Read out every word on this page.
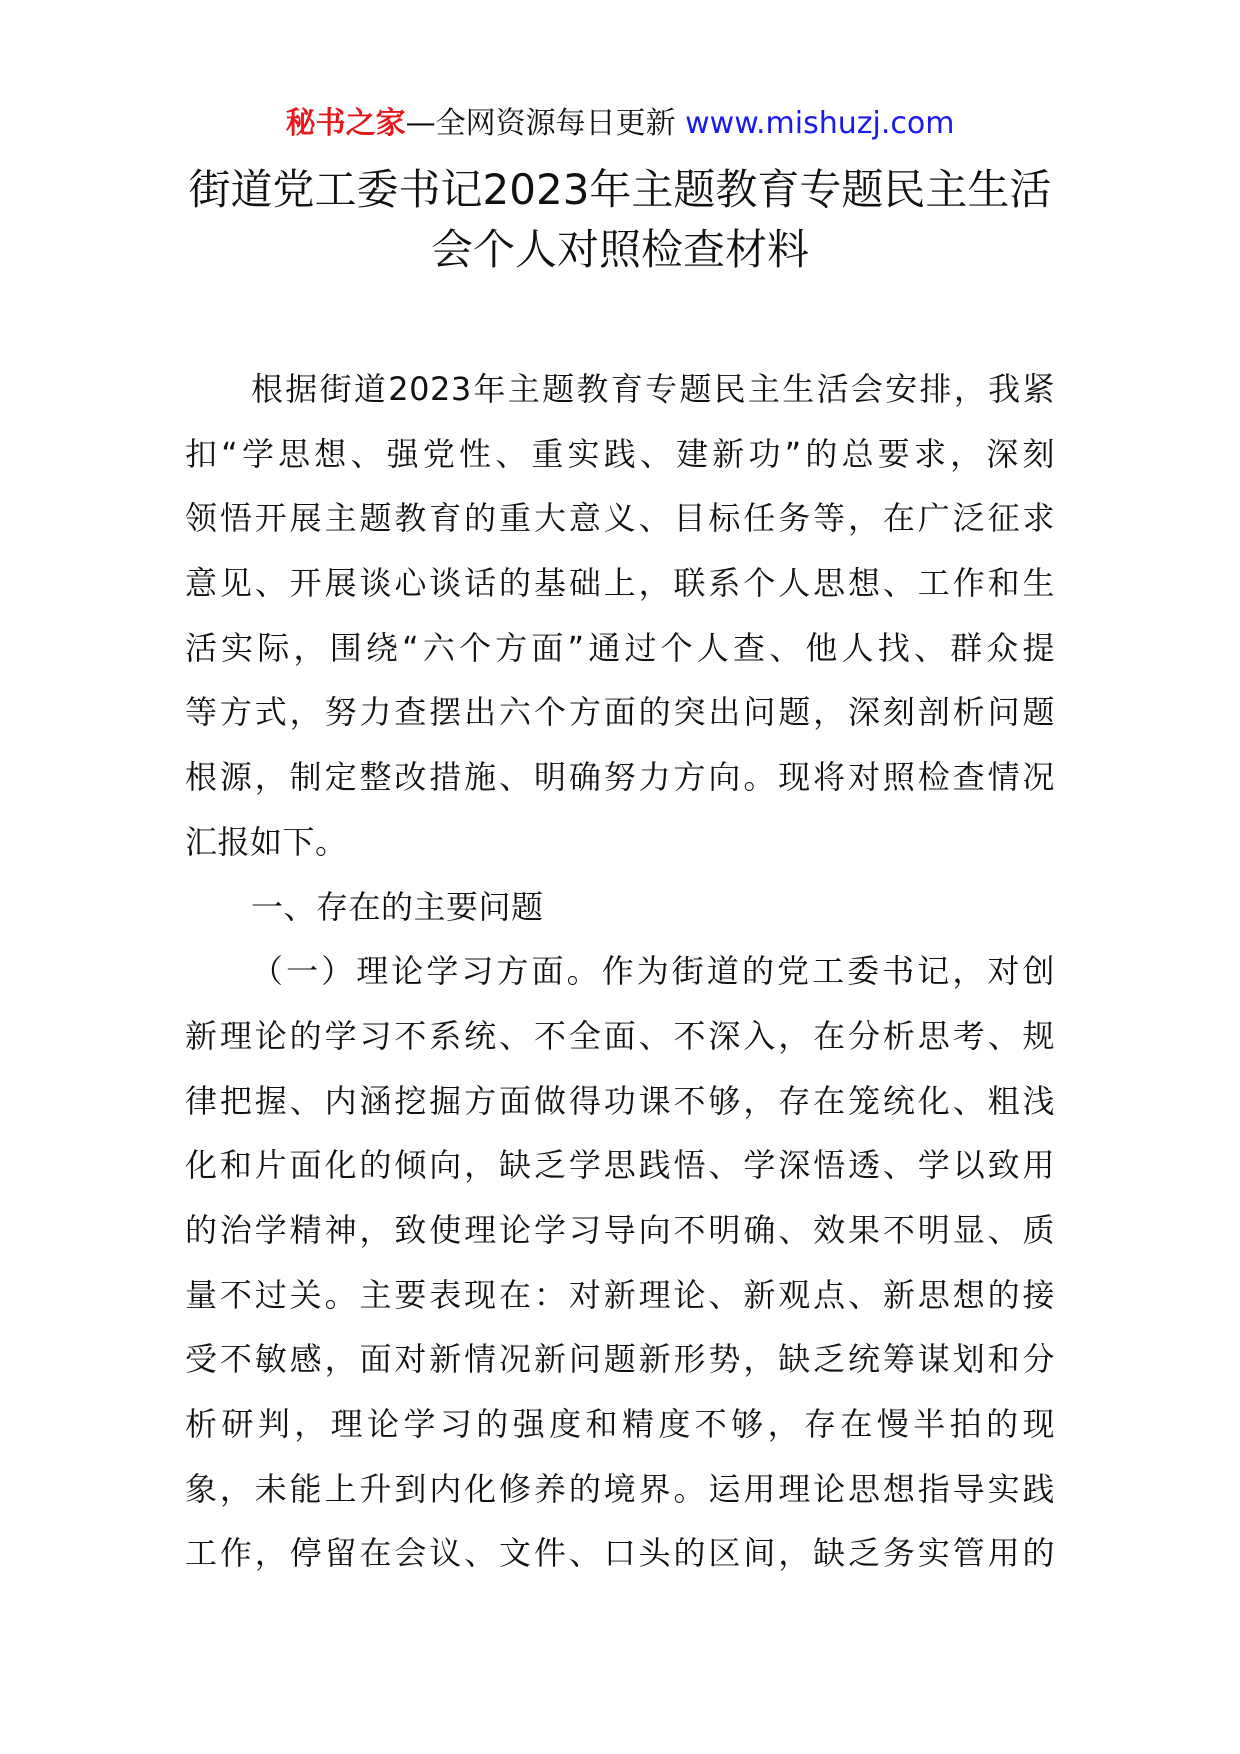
秘书之家—全网资源每日更新 www.mishuzj.com
街道党工委书记2023年主题教育专题民主生活
会个人对照检查材料
根据街道2023年主题教育专题民主生活会安排，我紧
扣“学思想、强党性、重实践、建新功”的总要求，深刻
领悟开展主题教育的重大意义、目标任务等，在广泛征求
意见、开展谈心谈话的基础上，联系个人思想、工作和生
活实际，围绕“六个方面”通过个人查、他人找、群众提
等方式，努力查摆出六个方面的突出问题，深刻剖析问题
根源，制定整改措施、明确努力方向。现将对照检查情况
汇报如下。
一、存在的主要问题
（一）理论学习方面。作为街道的党工委书记，对创
新理论的学习不系统、不全面、不深入，在分析思考、规
律把握、内涵挖掘方面做得功课不够，存在笼统化、粗浅
化和片面化的倾向，缺乏学思践悟、学深悟透、学以致用
的治学精神，致使理论学习导向不明确、效果不明显、质
量不过关。主要表现在：对新理论、新观点、新思想的接
受不敏感，面对新情况新问题新形势，缺乏统筹谋划和分
析研判，理论学习的强度和精度不够，存在慢半拍的现
象，未能上升到内化修养的境界。运用理论思想指导实践
工作，停留在会议、文件、口头的区间，缺乏务实管用的
